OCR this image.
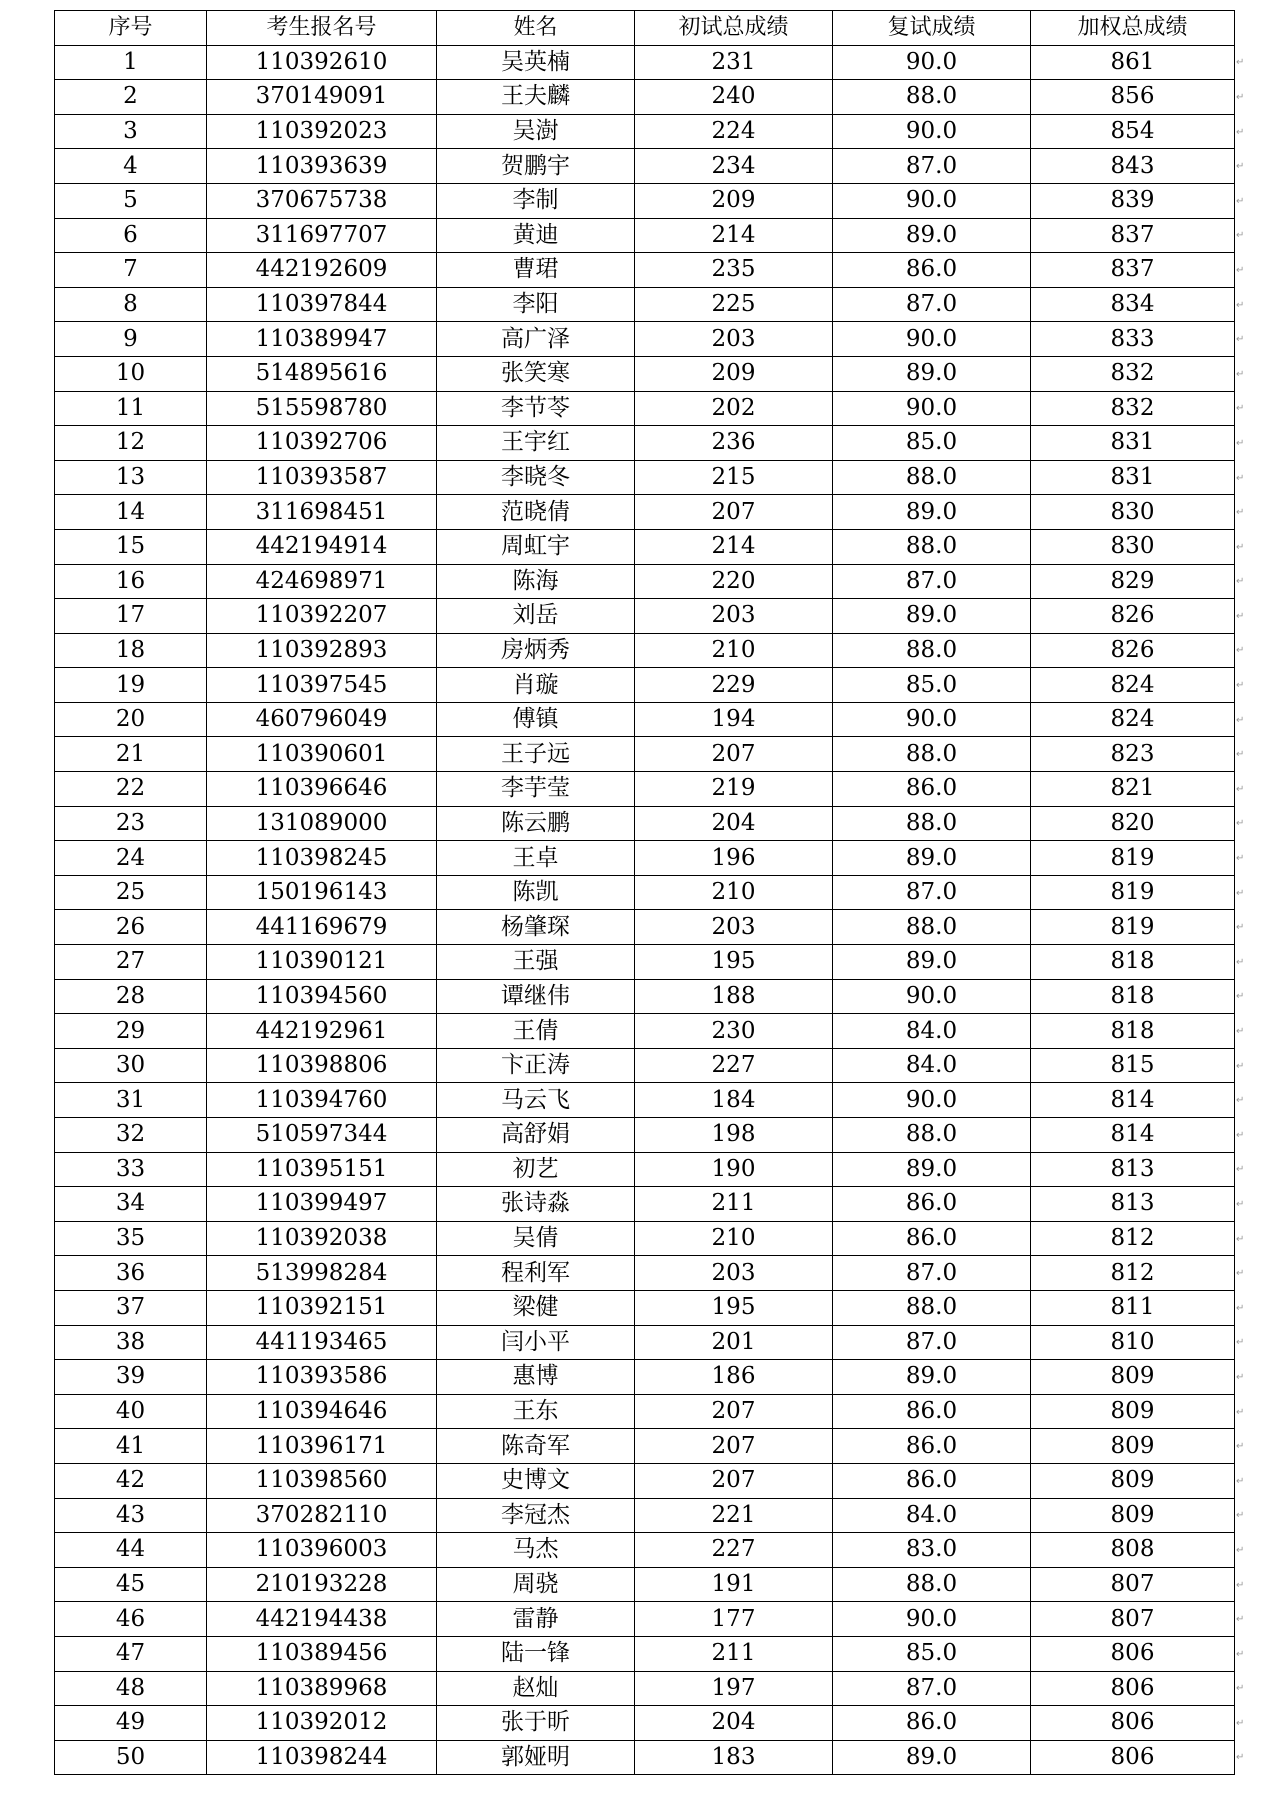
序号	考生报名号	姓名	初试总成绩	复试成绩	加权总成绩
1	110392610	吴英楠	231	90.0	861
2	370149091	王夫麟	240	88.0	856
3	110392023	吴澍	224	90.0	854
4	110393639	贺鹏宇	234	87.0	843
5	370675738	李制	209	90.0	839
6	311697707	黄迪	214	89.0	837
7	442192609	曹珺	235	86.0	837
8	110397844	李阳	225	87.0	834
9	110389947	高广泽	203	90.0	833
10	514895616	张笑寒	209	89.0	832
11	515598780	李节苓	202	90.0	832
12	110392706	王宇红	236	85.0	831
13	110393587	李晓冬	215	88.0	831
14	311698451	范晓倩	207	89.0	830
15	442194914	周虹宇	214	88.0	830
16	424698971	陈海	220	87.0	829
17	110392207	刘岳	203	89.0	826
18	110392893	房炳秀	210	88.0	826
19	110397545	肖璇	229	85.0	824
20	460796049	傅镇	194	90.0	824
21	110390601	王子远	207	88.0	823
22	110396646	李芋莹	219	86.0	821
23	131089000	陈云鹏	204	88.0	820
24	110398245	王卓	196	89.0	819
25	150196143	陈凯	210	87.0	819
26	441169679	杨肇琛	203	88.0	819
27	110390121	王强	195	89.0	818
28	110394560	谭继伟	188	90.0	818
29	442192961	王倩	230	84.0	818
30	110398806	卞正涛	227	84.0	815
31	110394760	马云飞	184	90.0	814
32	510597344	高舒娟	198	88.0	814
33	110395151	初艺	190	89.0	813
34	110399497	张诗淼	211	86.0	813
35	110392038	吴倩	210	86.0	812
36	513998284	程利军	203	87.0	812
37	110392151	梁健	195	88.0	811
38	441193465	闫小平	201	87.0	810
39	110393586	惠博	186	89.0	809
40	110394646	王东	207	86.0	809
41	110396171	陈奇军	207	86.0	809
42	110398560	史博文	207	86.0	809
43	370282110	李冠杰	221	84.0	809
44	110396003	马杰	227	83.0	808
45	210193228	周骁	191	88.0	807
46	442194438	雷静	177	90.0	807
47	110389456	陆一锋	211	85.0	806
48	110389968	赵灿	197	87.0	806
49	110392012	张于昕	204	86.0	806
50	110398244	郭娅明	183	89.0	806
↵
↵
↵
↵
↵
↵
↵
↵
↵
↵
↵
↵
↵
↵
↵
↵
↵
↵
↵
↵
↵
↵
↵
↵
↵
↵
↵
↵
↵
↵
↵
↵
↵
↵
↵
↵
↵
↵
↵
↵
↵
↵
↵
↵
↵
↵
↵
↵
↵
↵
